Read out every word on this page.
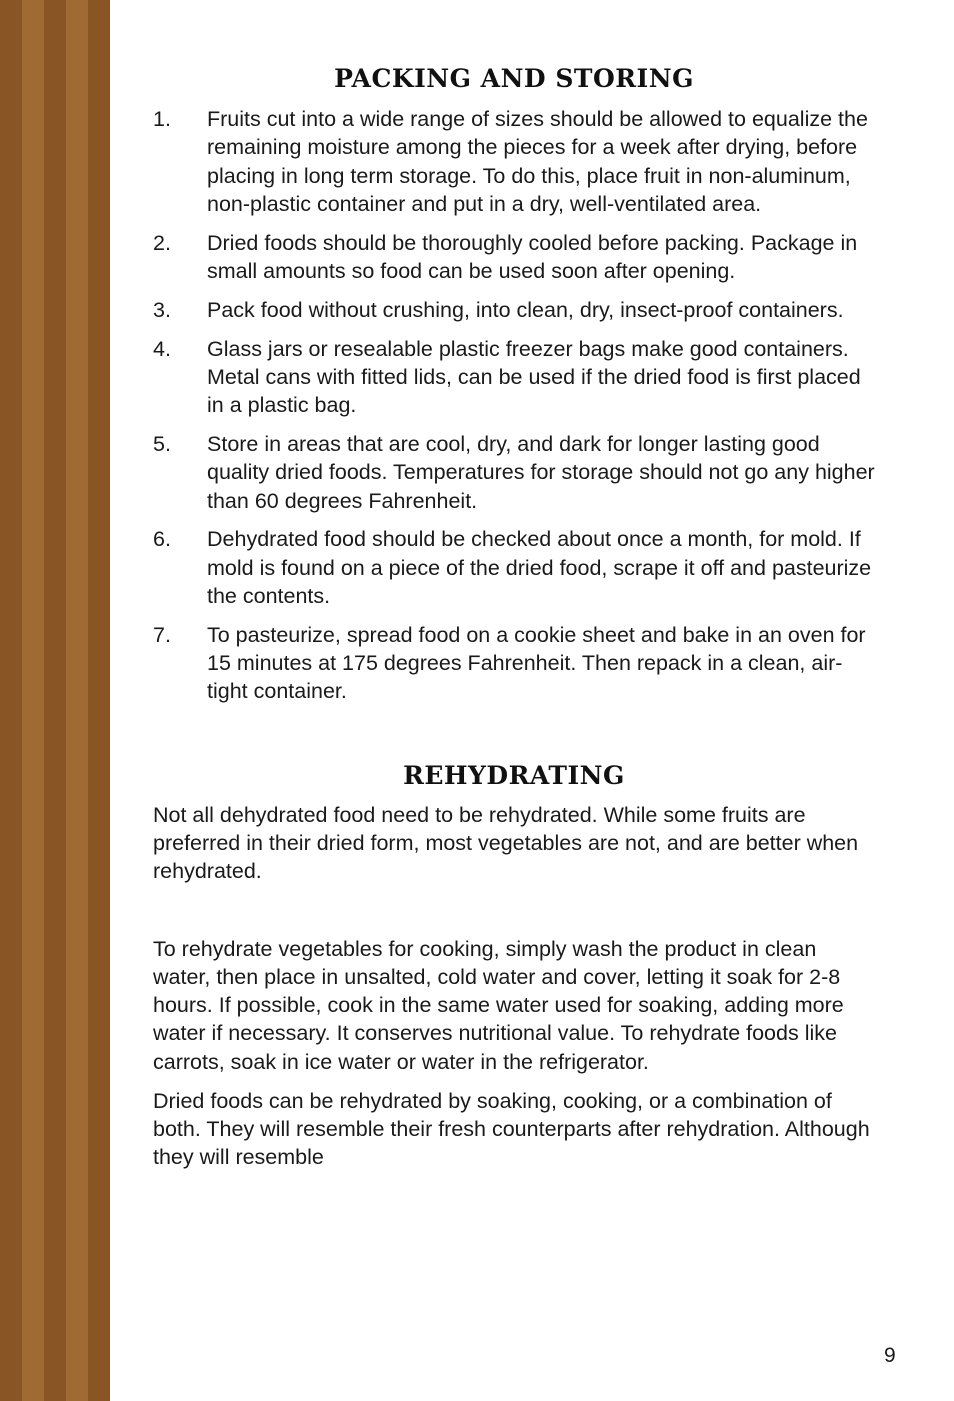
PACKING AND STORING
1.	Fruits cut into a wide range of sizes should be allowed to equalize the remaining moisture among the pieces for a week after drying, before placing in long term storage. To do this, place fruit in non-aluminum, non-plastic container and put in a dry, well-ventilated area.
2.	Dried foods should be thoroughly cooled before packing. Package in small amounts so food can be used soon after opening.
3.	Pack food without crushing, into clean, dry, insect-proof containers.
4.	Glass jars or resealable plastic freezer bags make good containers. Metal cans with fitted lids, can be used if the dried food is first placed in a plastic bag.
5.	Store in areas that are cool, dry, and dark for longer lasting good quality dried foods. Temperatures for storage should not go any higher than 60 degrees Fahrenheit.
6.	Dehydrated food should be checked about once a month, for mold. If mold is found on a piece of the dried food, scrape it off and pasteurize the contents.
7.	To pasteurize, spread food on a cookie sheet and bake in an oven for 15 minutes at 175 degrees Fahrenheit. Then repack in a clean, air-tight container.
REHYDRATING

Not all dehydrated food need to be rehydrated. While some fruits are preferred in their dried form, most vegetables are not, and are better when rehydrated.

To rehydrate vegetables for cooking, simply wash the product in clean water, then place in unsalted, cold water and cover, letting it soak for 2-8 hours. If possible, cook in the same water used for soaking, adding more water if necessary. It conserves nutritional value. To rehydrate foods like carrots, soak in ice water or water in the refrigerator.

Dried foods can be rehydrated by soaking, cooking, or a combination of both. They will resemble their fresh counterparts after rehydration. Although they will resemble

9
